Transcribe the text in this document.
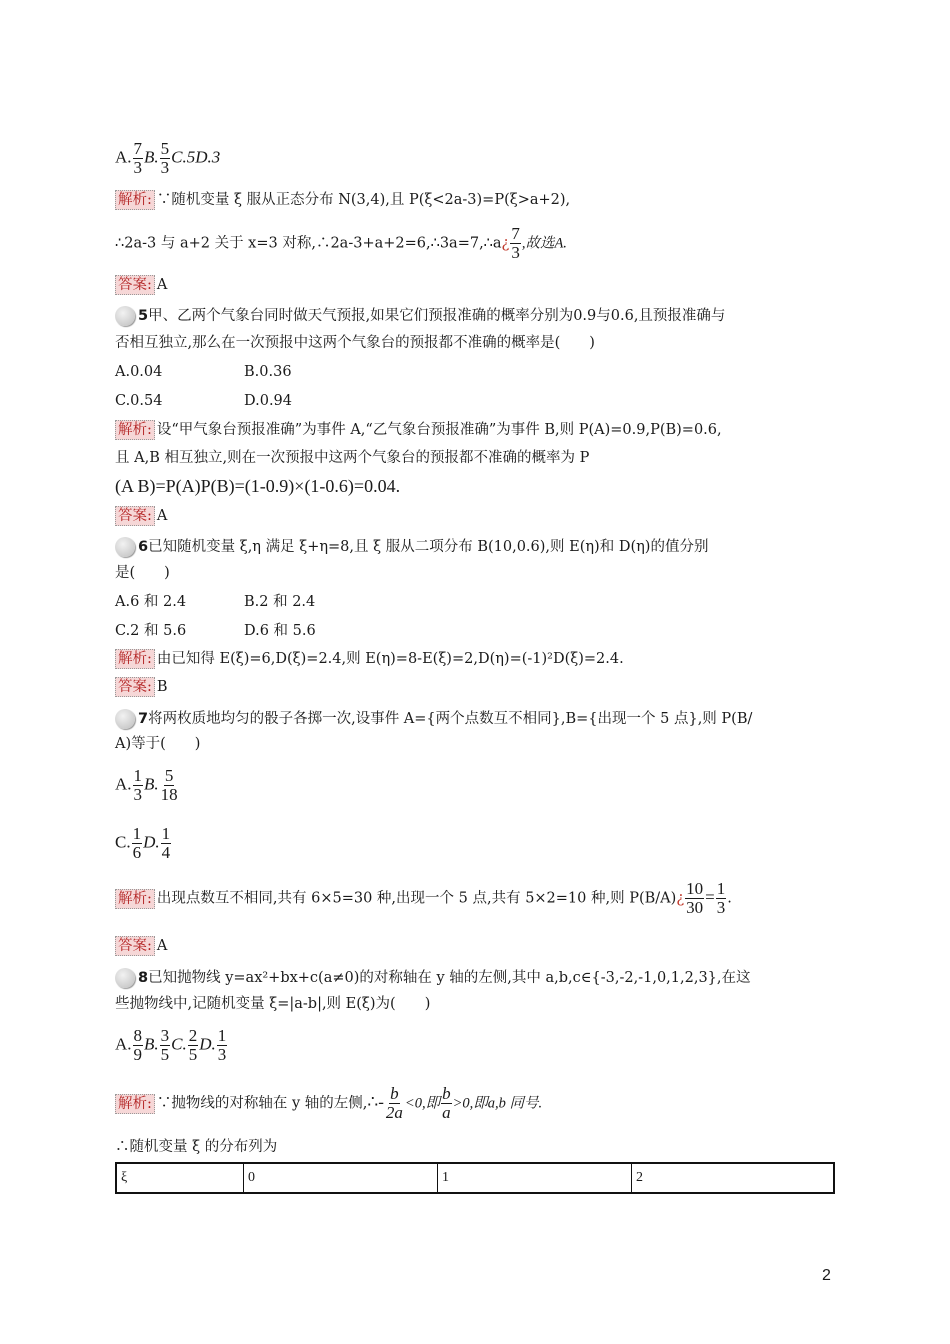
A. $\frac{7}{3} B$. $\frac{5}{3} C.5D.3$
解析: ∵随机变量 ξ 服从正态分布 N(3,4),且 P(ξ<2a-3)=P(ξ>a+2),
∴2a-3 与 a+2 关于 x=3 对称,∴2a-3+a+2=6,∴3a=7,∴a¿ $\frac{7}{3}$ ,故选A.
答案: A
5甲、乙两个气象台同时做天气预报,如果它们预报准确的概率分别为0.9与0.6,且预报准确与
否相互独立,那么在一次预报中这两个气象台的预报都不准确的概率是(　　)
A.0.04	B.0.36
C.0.54	D.0.94
解析: 设“甲气象台预报准确”为事件 A,“乙气象台预报准确”为事件 B,则 P(A)=0.9,P(B)=0.6,
且 A,B 相互独立,则在一次预报中这两个气象台的预报都不准确的概率为 P
(A B)=P(A)P(B)=(1-0.9)×(1-0.6)=0.04.
答案: A
6已知随机变量 ξ,η 满足 ξ+η=8,且 ξ 服从二项分布 B(10,0.6),则 E(η)和 D(η)的值分别
是(　　)
A.6 和 2.4	B.2 和 2.4
C.2 和 5.6	D.6 和 5.6
解析: 由已知得 E(ξ)=6,D(ξ)=2.4,则 E(η)=8-E(ξ)=2,D(η)=(-1)²D(ξ)=2.4.
答案: B
7将两枚质地均匀的骰子各掷一次,设事件 A={两个点数互不相同},B={出现一个 5 点},则 P(B/
A)等于(　　)
A. $\frac{1}{3} B$. $\frac{5}{18}$
C. $\frac{1}{6} D$. $\frac{1}{4}$
解析: 出现点数互不相同,共有 6×5=30 种,出现一个 5 点,共有 5×2=10 种,则 P(B/A)¿ $\frac{10}{30} = \frac{1}{3}$ .
答案: A
8已知抛物线 y=ax²+bx+c(a≠0)的对称轴在 y 轴的左侧,其中 a,b,c∈{-3,-2,-1,0,1,2,3},在这
些抛物线中,记随机变量 ξ=|a-b|,则 E(ξ)为(　　)
A. $\frac{8}{9} B$. $\frac{3}{5} C$. $\frac{2}{5} D$. $\frac{1}{3}$
解析: ∵抛物线的对称轴在 y 轴的左侧,∴- $\frac{b}{2a} <0$,即 $\frac{b}{a} >0$,即a,b 同号.
∴随机变量 ξ 的分布列为
ξ	0	1	2
2
